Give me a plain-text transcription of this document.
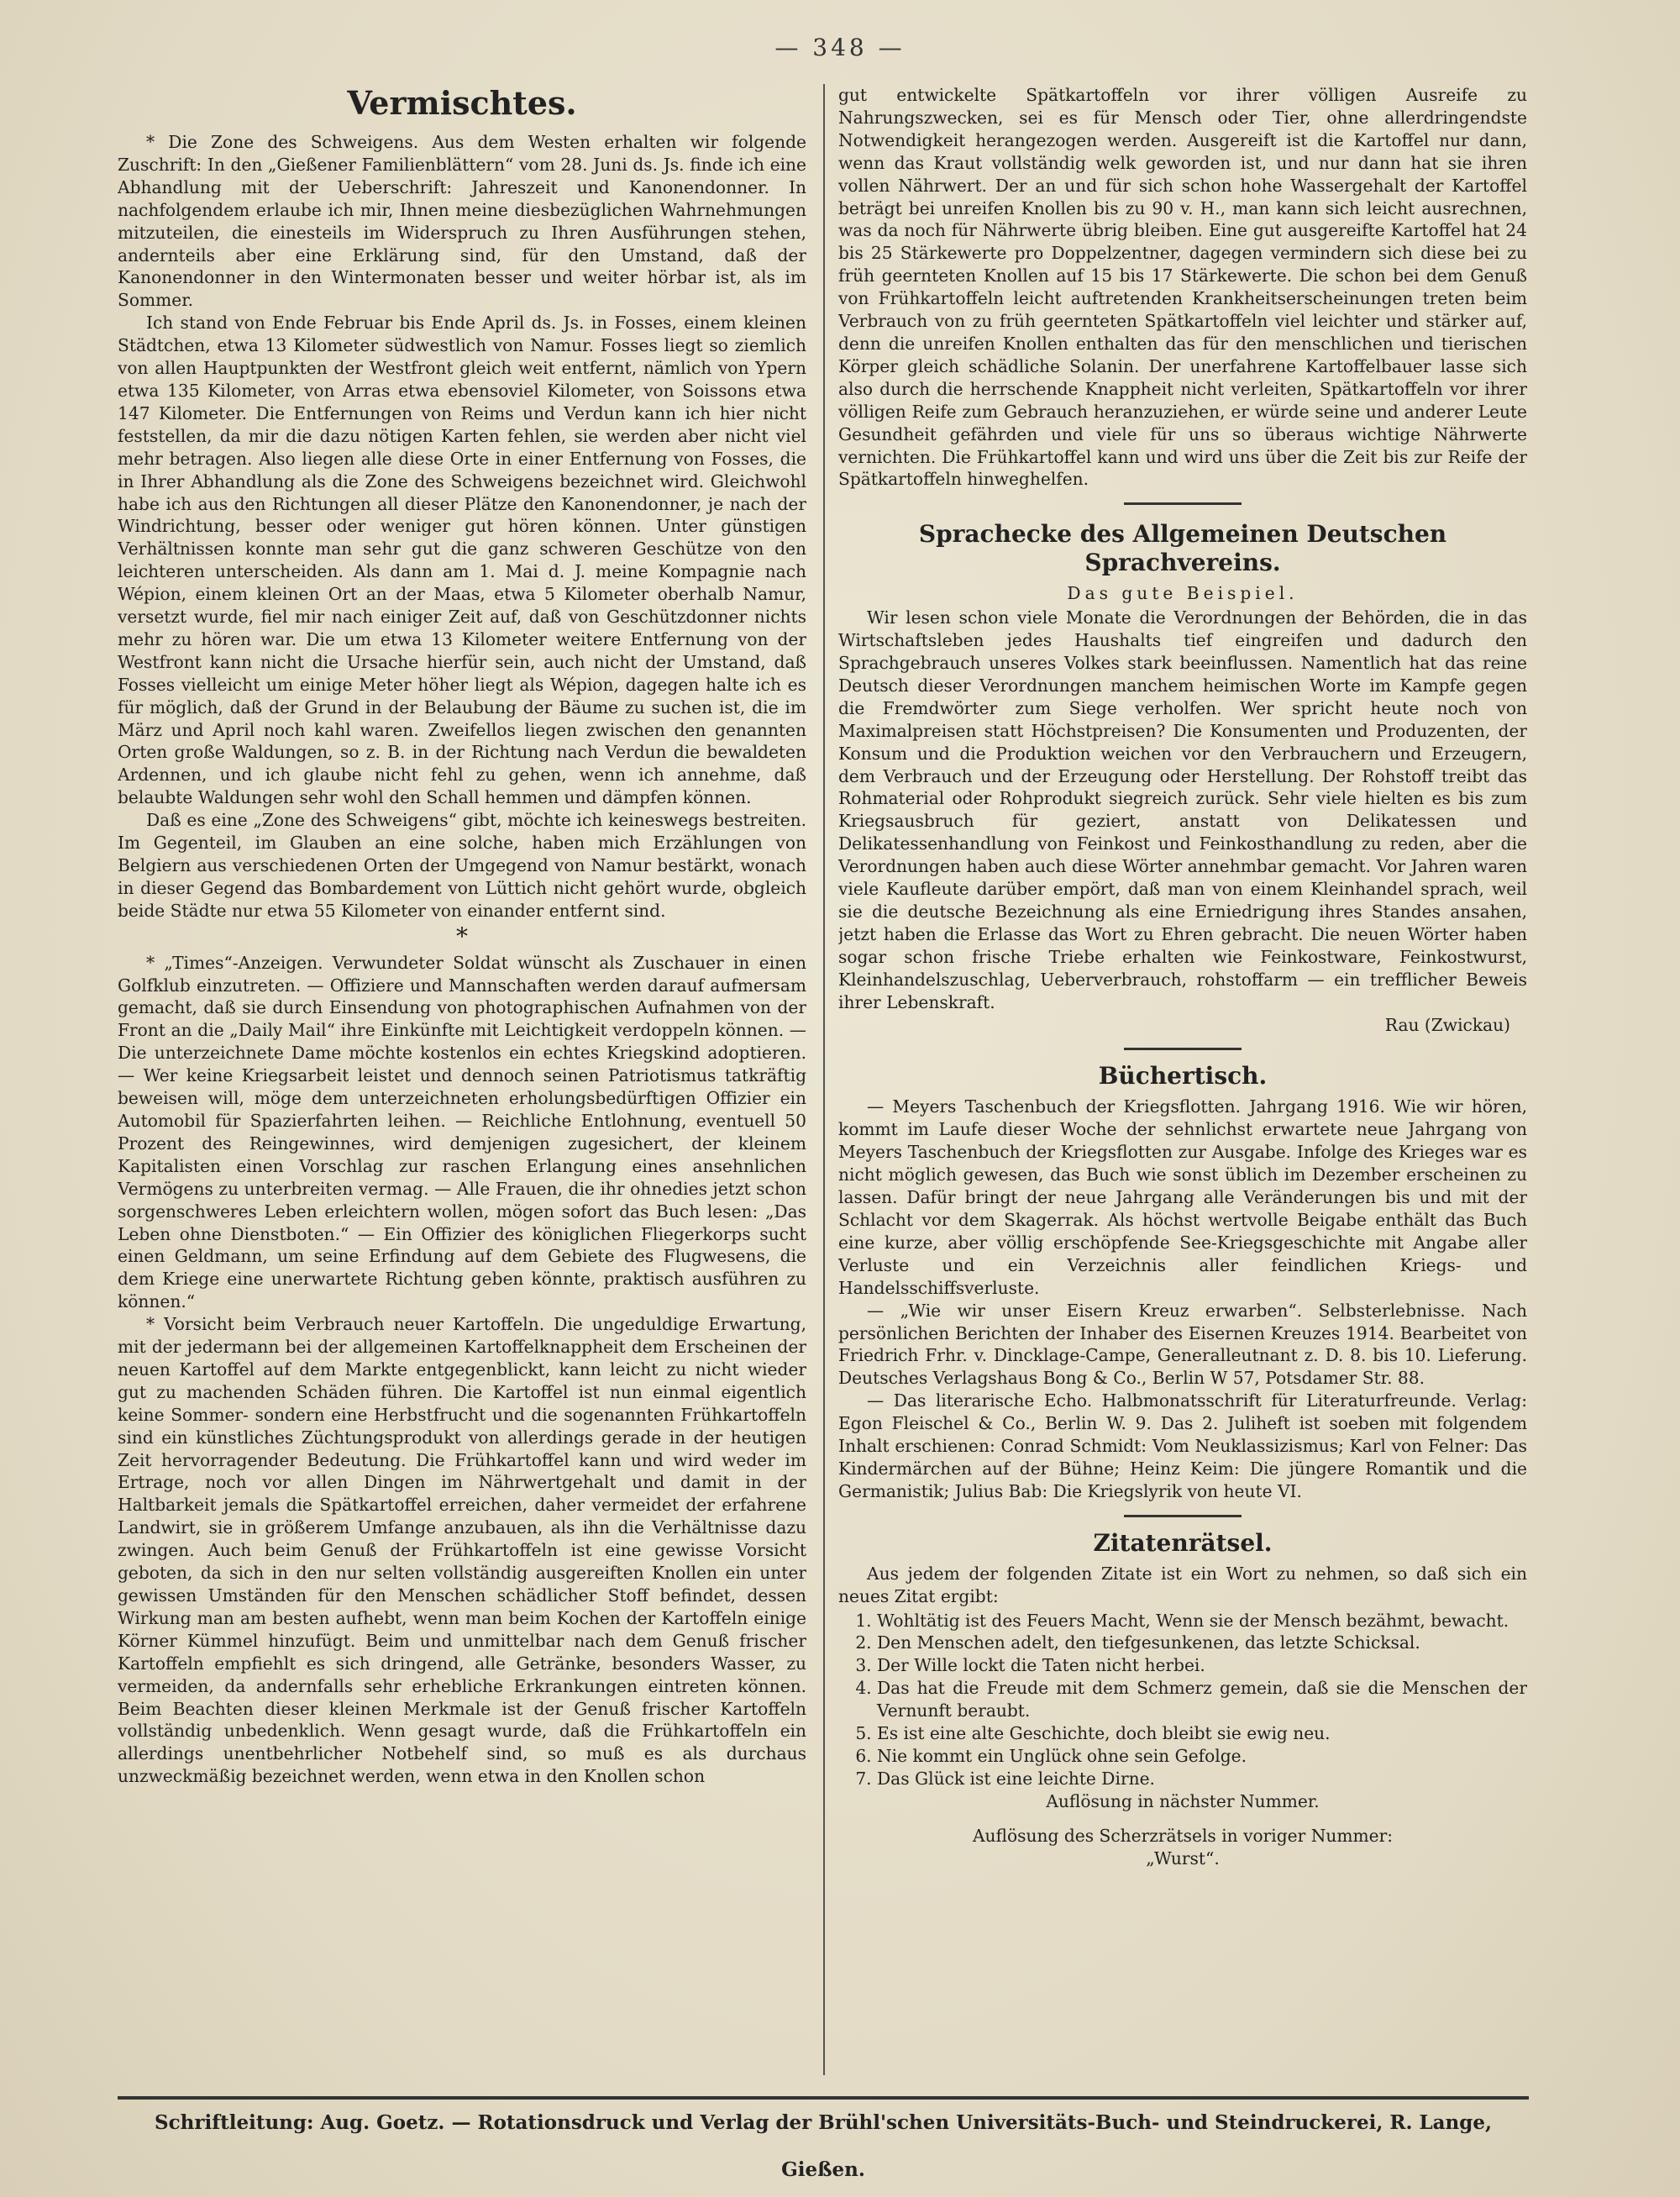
— 348 —
Vermischtes.

* Die Zone des Schweigens. Aus dem Westen erhalten wir folgende Zuschrift: In den „Gießener Familienblättern“ vom 28. Juni ds. Js. finde ich eine Abhandlung mit der Ueberschrift: Jahreszeit und Kanonendonner. In nachfolgendem erlaube ich mir, Ihnen meine diesbezüglichen Wahrnehmungen mitzuteilen, die einesteils im Widerspruch zu Ihren Ausführungen stehen, andernteils aber eine Erklärung sind, für den Umstand, daß der Kanonendonner in den Wintermonaten besser und weiter hörbar ist, als im Sommer.

Ich stand von Ende Februar bis Ende April ds. Js. in Fosses, einem kleinen Städtchen, etwa 13 Kilometer südwestlich von Namur. Fosses liegt so ziemlich von allen Hauptpunkten der Westfront gleich weit entfernt, nämlich von Ypern etwa 135 Kilometer, von Arras etwa ebensoviel Kilometer, von Soissons etwa 147 Kilometer. Die Entfernungen von Reims und Verdun kann ich hier nicht feststellen, da mir die dazu nötigen Karten fehlen, sie werden aber nicht viel mehr betragen. Also liegen alle diese Orte in einer Entfernung von Fosses, die in Ihrer Abhandlung als die Zone des Schweigens bezeichnet wird. Gleichwohl habe ich aus den Richtungen all dieser Plätze den Kanonendonner, je nach der Windrichtung, besser oder weniger gut hören können. Unter günstigen Verhältnissen konnte man sehr gut die ganz schweren Geschütze von den leichteren unterscheiden. Als dann am 1. Mai d. J. meine Kompagnie nach Wépion, einem kleinen Ort an der Maas, etwa 5 Kilometer oberhalb Namur, versetzt wurde, fiel mir nach einiger Zeit auf, daß von Geschützdonner nichts mehr zu hören war. Die um etwa 13 Kilometer weitere Entfernung von der Westfront kann nicht die Ursache hierfür sein, auch nicht der Umstand, daß Fosses vielleicht um einige Meter höher liegt als Wépion, dagegen halte ich es für möglich, daß der Grund in der Belaubung der Bäume zu suchen ist, die im März und April noch kahl waren. Zweifellos liegen zwischen den genannten Orten große Waldungen, so z. B. in der Richtung nach Verdun die bewaldeten Ardennen, und ich glaube nicht fehl zu gehen, wenn ich annehme, daß belaubte Waldungen sehr wohl den Schall hemmen und dämpfen können.

Daß es eine „Zone des Schweigens“ gibt, möchte ich keineswegs bestreiten. Im Gegenteil, im Glauben an eine solche, haben mich Erzählungen von Belgiern aus verschiedenen Orten der Umgegend von Namur bestärkt, wonach in dieser Gegend das Bombardement von Lüttich nicht gehört wurde, obgleich beide Städte nur etwa 55 Kilometer von einander entfernt sind.

*

* „Times“-Anzeigen. Verwundeter Soldat wünscht als Zuschauer in einen Golfklub einzutreten. — Offiziere und Mannschaften werden darauf aufmersam gemacht, daß sie durch Einsendung von photographischen Aufnahmen von der Front an die „Daily Mail“ ihre Einkünfte mit Leichtigkeit verdoppeln können. — Die unterzeichnete Dame möchte kostenlos ein echtes Kriegskind adoptieren. — Wer keine Kriegsarbeit leistet und dennoch seinen Patriotismus tatkräftig beweisen will, möge dem unterzeichneten erholungsbedürftigen Offizier ein Automobil für Spazierfahrten leihen. — Reichliche Entlohnung, eventuell 50 Prozent des Reingewinnes, wird demjenigen zugesichert, der kleinem Kapitalisten einen Vorschlag zur raschen Erlangung eines ansehnlichen Vermögens zu unterbreiten vermag. — Alle Frauen, die ihr ohnedies jetzt schon sorgenschweres Leben erleichtern wollen, mögen sofort das Buch lesen: „Das Leben ohne Dienstboten.“ — Ein Offizier des königlichen Fliegerkorps sucht einen Geldmann, um seine Erfindung auf dem Gebiete des Flugwesens, die dem Kriege eine unerwartete Richtung geben könnte, praktisch ausführen zu können.“

* Vorsicht beim Verbrauch neuer Kartoffeln. Die ungeduldige Erwartung, mit der jedermann bei der allgemeinen Kartoffelknappheit dem Erscheinen der neuen Kartoffel auf dem Markte entgegenblickt, kann leicht zu nicht wieder gut zu machenden Schäden führen. Die Kartoffel ist nun einmal eigentlich keine Sommer- sondern eine Herbstfrucht und die sogenannten Frühkartoffeln sind ein künstliches Züchtungsprodukt von allerdings gerade in der heutigen Zeit hervorragender Bedeutung. Die Frühkartoffel kann und wird weder im Ertrage, noch vor allen Dingen im Nährwertgehalt und damit in der Haltbarkeit jemals die Spätkartoffel erreichen, daher vermeidet der erfahrene Landwirt, sie in größerem Umfange anzubauen, als ihn die Verhältnisse dazu zwingen. Auch beim Genuß der Frühkartoffeln ist eine gewisse Vorsicht geboten, da sich in den nur selten vollständig ausgereiften Knollen ein unter gewissen Umständen für den Menschen schädlicher Stoff befindet, dessen Wirkung man am besten aufhebt, wenn man beim Kochen der Kartoffeln einige Körner Kümmel hinzufügt. Beim und unmittelbar nach dem Genuß frischer Kartoffeln empfiehlt es sich dringend, alle Getränke, besonders Wasser, zu vermeiden, da andernfalls sehr erhebliche Erkrankungen eintreten können. Beim Beachten dieser kleinen Merkmale ist der Genuß frischer Kartoffeln vollständig unbedenklich. Wenn gesagt wurde, daß die Frühkartoffeln ein allerdings unentbehrlicher Notbehelf sind, so muß es als durchaus unzweckmäßig bezeichnet werden, wenn etwa in den Knollen schon

gut entwickelte Spätkartoffeln vor ihrer völligen Ausreife zu Nahrungszwecken, sei es für Mensch oder Tier, ohne allerdringendste Notwendigkeit herangezogen werden. Ausgereift ist die Kartoffel nur dann, wenn das Kraut vollständig welk geworden ist, und nur dann hat sie ihren vollen Nährwert. Der an und für sich schon hohe Wassergehalt der Kartoffel beträgt bei unreifen Knollen bis zu 90 v. H., man kann sich leicht ausrechnen, was da noch für Nährwerte übrig bleiben. Eine gut ausgereifte Kartoffel hat 24 bis 25 Stärkewerte pro Doppelzentner, dagegen vermindern sich diese bei zu früh geernteten Knollen auf 15 bis 17 Stärkewerte. Die schon bei dem Genuß von Frühkartoffeln leicht auftretenden Krankheitserscheinungen treten beim Verbrauch von zu früh geernteten Spätkartoffeln viel leichter und stärker auf, denn die unreifen Knollen enthalten das für den menschlichen und tierischen Körper gleich schädliche Solanin. Der unerfahrene Kartoffelbauer lasse sich also durch die herrschende Knappheit nicht verleiten, Spätkartoffeln vor ihrer völligen Reife zum Gebrauch heranzuziehen, er würde seine und anderer Leute Gesundheit gefährden und viele für uns so überaus wichtige Nährwerte vernichten. Die Frühkartoffel kann und wird uns über die Zeit bis zur Reife der Spätkartoffeln hinweghelfen.

Sprachecke des Allgemeinen Deutschen Sprachvereins.
Das gute Beispiel.

Wir lesen schon viele Monate die Verordnungen der Behörden, die in das Wirtschaftsleben jedes Haushalts tief eingreifen und dadurch den Sprachgebrauch unseres Volkes stark beeinflussen. Namentlich hat das reine Deutsch dieser Verordnungen manchem heimischen Worte im Kampfe gegen die Fremdwörter zum Siege verholfen. Wer spricht heute noch von Maximalpreisen statt Höchstpreisen? Die Konsumenten und Produzenten, der Konsum und die Produktion weichen vor den Verbrauchern und Erzeugern, dem Verbrauch und der Erzeugung oder Herstellung. Der Rohstoff treibt das Rohmaterial oder Rohprodukt siegreich zurück. Sehr viele hielten es bis zum Kriegsausbruch für geziert, anstatt von Delikatessen und Delikatessenhandlung von Feinkost und Feinkosthandlung zu reden, aber die Verordnungen haben auch diese Wörter annehmbar gemacht. Vor Jahren waren viele Kaufleute darüber empört, daß man von einem Kleinhandel sprach, weil sie die deutsche Bezeichnung als eine Erniedrigung ihres Standes ansahen, jetzt haben die Erlasse das Wort zu Ehren gebracht. Die neuen Wörter haben sogar schon frische Triebe erhalten wie Feinkostware, Feinkostwurst, Kleinhandelszuschlag, Ueberverbrauch, rohstoffarm — ein trefflicher Beweis ihrer Lebenskraft.

Rau (Zwickau)
Büchertisch.

— Meyers Taschenbuch der Kriegsflotten. Jahrgang 1916. Wie wir hören, kommt im Laufe dieser Woche der sehnlichst erwartete neue Jahrgang von Meyers Taschenbuch der Kriegsflotten zur Ausgabe. Infolge des Krieges war es nicht möglich gewesen, das Buch wie sonst üblich im Dezember erscheinen zu lassen. Dafür bringt der neue Jahrgang alle Veränderungen bis und mit der Schlacht vor dem Skagerrak. Als höchst wertvolle Beigabe enthält das Buch eine kurze, aber völlig erschöpfende See-Kriegsgeschichte mit Angabe aller Verluste und ein Verzeichnis aller feindlichen Kriegs- und Handelsschiffsverluste.

— „Wie wir unser Eisern Kreuz erwarben“. Selbsterlebnisse. Nach persönlichen Berichten der Inhaber des Eisernen Kreuzes 1914. Bearbeitet von Friedrich Frhr. v. Dincklage-Campe, Generalleutnant z. D. 8. bis 10. Lieferung. Deutsches Verlagshaus Bong & Co., Berlin W 57, Potsdamer Str. 88.

— Das literarische Echo. Halbmonatsschrift für Literaturfreunde. Verlag: Egon Fleischel & Co., Berlin W. 9. Das 2. Juliheft ist soeben mit folgendem Inhalt erschienen: Conrad Schmidt: Vom Neuklassizismus; Karl von Felner: Das Kindermärchen auf der Bühne; Heinz Keim: Die jüngere Romantik und die Germanistik; Julius Bab: Die Kriegslyrik von heute VI.

Zitatenrätsel.

Aus jedem der folgenden Zitate ist ein Wort zu nehmen, so daß sich ein neues Zitat ergibt:

1. Wohltätig ist des Feuers Macht, Wenn sie der Mensch bezähmt, bewacht.
2. Den Menschen adelt, den tiefgesunkenen, das letzte Schicksal.
3. Der Wille lockt die Taten nicht herbei.
4. Das hat die Freude mit dem Schmerz gemein, daß sie die Menschen der Vernunft beraubt.
5. Es ist eine alte Geschichte, doch bleibt sie ewig neu.
6. Nie kommt ein Unglück ohne sein Gefolge.
7. Das Glück ist eine leichte Dirne.

Auflösung in nächster Nummer.

Auflösung des Scherzrätsels in voriger Nummer:

„Wurst“.

Schriftleitung: Aug. Goetz. — Rotationsdruck und Verlag der Brühl'schen Universitäts-Buch- und Steindruckerei, R. Lange, Gießen.
